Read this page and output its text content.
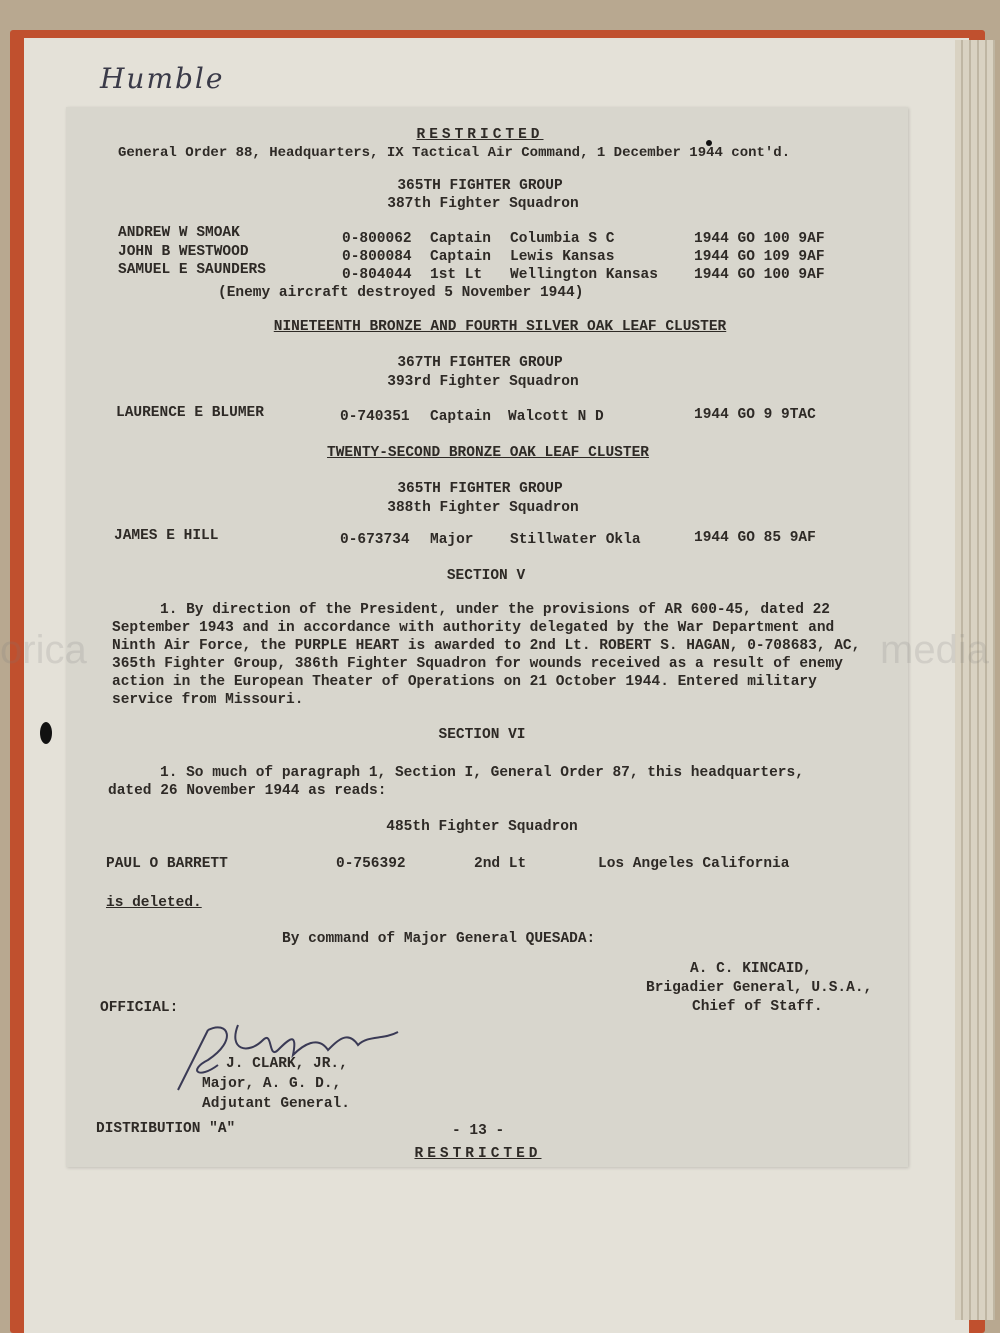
Humble
orica	media
RESTRICTED
General Order 88, Headquarters, IX Tactical Air Command, 1 December 1944 cont'd.
365TH FIGHTER GROUP
387th Fighter Squadron
ANDREW W SMOAK	0-800062 Captain Columbia S C	1944 GO 100 9AF
JOHN B WESTWOOD	0-800084 Captain Lewis Kansas	1944 GO 109 9AF
SAMUEL E SAUNDERS	0-804044 1st Lt Wellington Kansas 1944 GO 100 9AF
(Enemy aircraft destroyed 5 November 1944)
NINETEENTH BRONZE AND FOURTH SILVER OAK LEAF CLUSTER
367TH FIGHTER GROUP
393rd Fighter Squadron
LAURENCE E BLUMER	0-740351 Captain Walcott N D	1944 GO 9 9TAC
TWENTY-SECOND BRONZE OAK LEAF CLUSTER
365TH FIGHTER GROUP
388th Fighter Squadron
JAMES E HILL	0-673734 Major	Stillwater Okla	1944 GO 85 9AF
SECTION V
1. By direction of the President, under the provisions of AR 600-45, dated 22
September 1943 and in accordance with authority delegated by the War Department and
Ninth Air Force, the PURPLE HEART is awarded to 2nd Lt. ROBERT S. HAGAN, 0-708683, AC,
365th Fighter Group, 386th Fighter Squadron for wounds received as a result of enemy
action in the European Theater of Operations on 21 October 1944. Entered military
service from Missouri.
SECTION VI
1. So much of paragraph 1, Section I, General Order 87, this headquarters,
dated 26 November 1944 as reads:
485th Fighter Squadron
PAUL O BARRETT	0-756392	2nd Lt	Los Angeles California
is deleted.
By command of Major General QUESADA:
A. C. KINCAID,
Brigadier General, U.S.A.,
Chief of Staff.
OFFICIAL:
J. CLARK, JR.,
Major, A. G. D.,
Adjutant General.
DISTRIBUTION "A"	- 13 -
RESTRICTED
